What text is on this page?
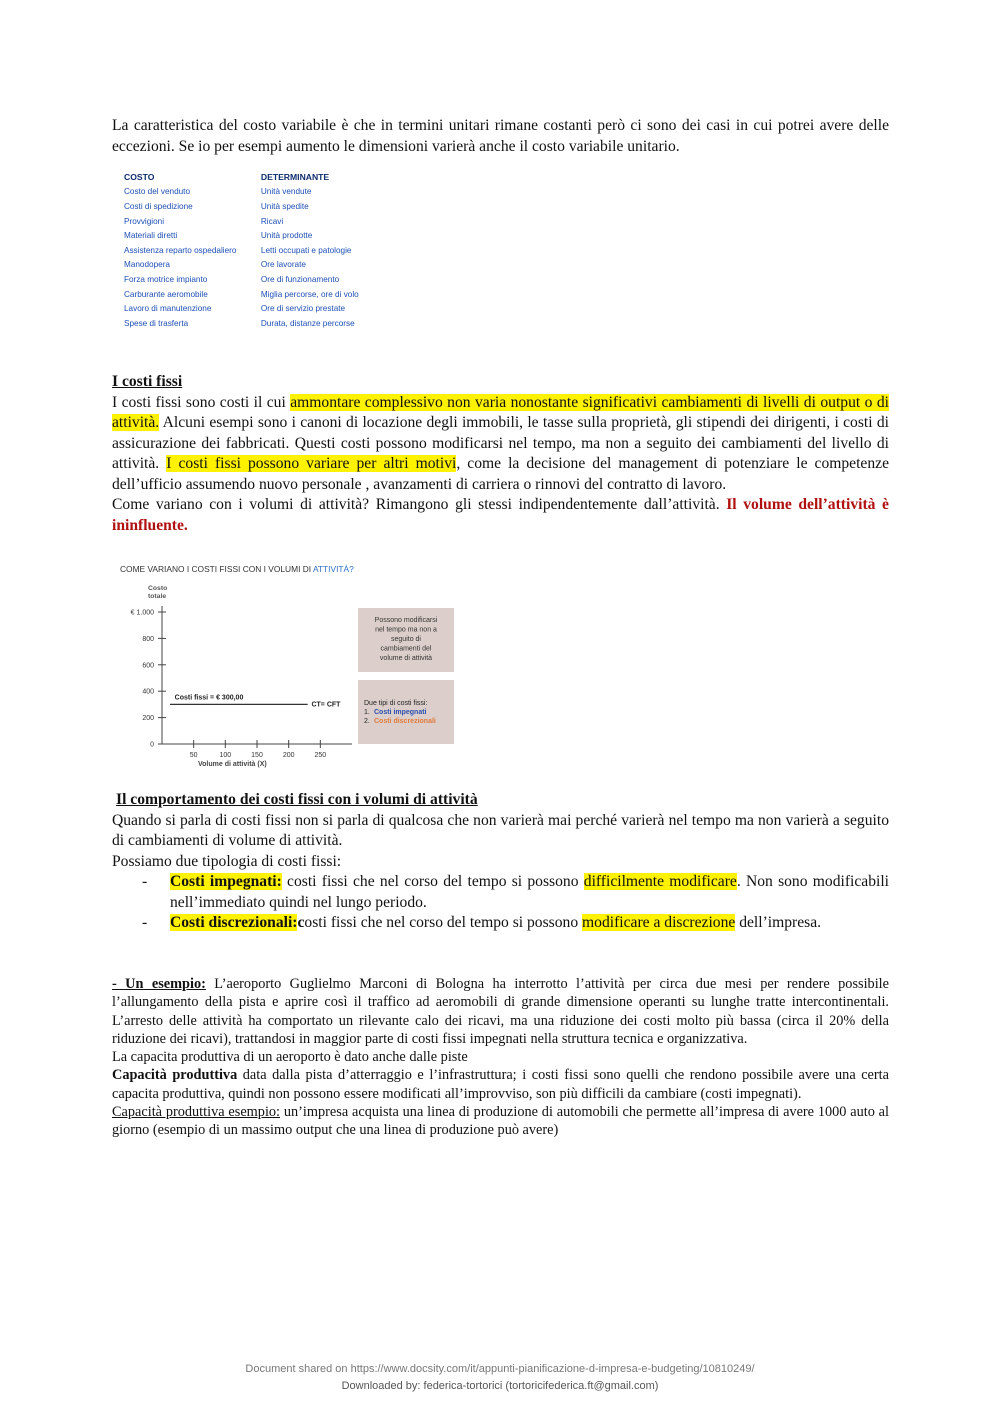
La caratteristica del costo variabile è che in termini unitari rimane costanti però ci sono dei casi in cui potrei avere delle eccezioni. Se io per esempi aumento le dimensioni varierà anche il costo variabile unitario.

COSTO	DETERMINANTE
Costo del venduto	Unità vendute
Costi di spedizione	Unità spedite
Provvigioni	Ricavi
Materiali diretti	Unità prodotte
Assistenza reparto ospedaliero	Letti occupati e patologie
Manodopera	Ore lavorate
Forza motrice impianto	Ore di funzionamento
Carburante aeromobile	Miglia percorse, ore di volo
Lavoro di manutenzione	Ore di servizio prestate
Spese di trasferta	Durata, distanze percorse

I costi fissi

I costi fissi sono costi il cui ammontare complessivo non varia nonostante significativi cambiamenti di livelli di output o di attività. Alcuni esempi sono i canoni di locazione degli immobili, le tasse sulla proprietà, gli stipendi dei dirigenti, i costi di assicurazione dei fabbricati. Questi costi possono modificarsi nel tempo, ma non a seguito dei cambiamenti del livello di attività. I costi fissi possono variare per altri motivi, come la decisione del management di potenziare le competenze dell’ufficio assumendo nuovo personale , avanzamenti di carriera o rinnovi del contratto di lavoro.

Come variano con i volumi di attività? Rimangono gli stessi indipendentemente dall’attività. Il volume dell’attività è ininfluente.

COME VARIANO I COSTI FISSI CON I VOLUMI DI ATTIVITÀ?
Costo
totale
€ 1.000
800
600
400
200
0
50	100	150	200	250
Costi fissi = € 300,00
CT= CFT
Volume di attività (X)
Possono modificarsi
nel tempo ma non a
seguito di
cambiamenti del
volume di attività
Due tipi di costi fissi:
1. Costi impegnati
2. Costi discrezionali

Il comportamento dei costi fissi con i volumi di attività

Quando si parla di costi fissi non si parla di qualcosa che non varierà mai perché varierà nel tempo ma non varierà a seguito di cambiamenti di volume di attività.

Possiamo due tipologia di costi fissi:

- Costi impegnati: costi fissi che nel corso del tempo si possono difficilmente modificare. Non sono modificabili nell’immediato quindi nel lungo periodo.
- Costi discrezionali:costi fissi che nel corso del tempo si possono modificare a discrezione dell’impresa.

- Un esempio: L’aeroporto Guglielmo Marconi di Bologna ha interrotto l’attività per circa due mesi per rendere possibile l’allungamento della pista e aprire così il traffico ad aeromobili di grande dimensione operanti su lunghe tratte intercontinentali. L’arresto delle attività ha comportato un rilevante calo dei ricavi, ma una riduzione dei costi molto più bassa (circa il 20% della riduzione dei ricavi), trattandosi in maggior parte di costi fissi impegnati nella struttura tecnica e organizzativa.

La capacita produttiva di un aeroporto è dato anche dalle piste

Capacità produttiva data dalla pista d’atterraggio e l’infrastruttura; i costi fissi sono quelli che rendono possibile avere una certa capacita produttiva, quindi non possono essere modificati all’improvviso, son più difficili da cambiare (costi impegnati).

Capacità produttiva esempio: un’impresa acquista una linea di produzione di automobili che permette all’impresa di avere 1000 auto al giorno (esempio di un massimo output che una linea di produzione può avere)

Document shared on https://www.docsity.com/it/appunti-pianificazione-d-impresa-e-budgeting/10810249/
Downloaded by: federica-tortorici (tortoricifederica.ft@gmail.com)
